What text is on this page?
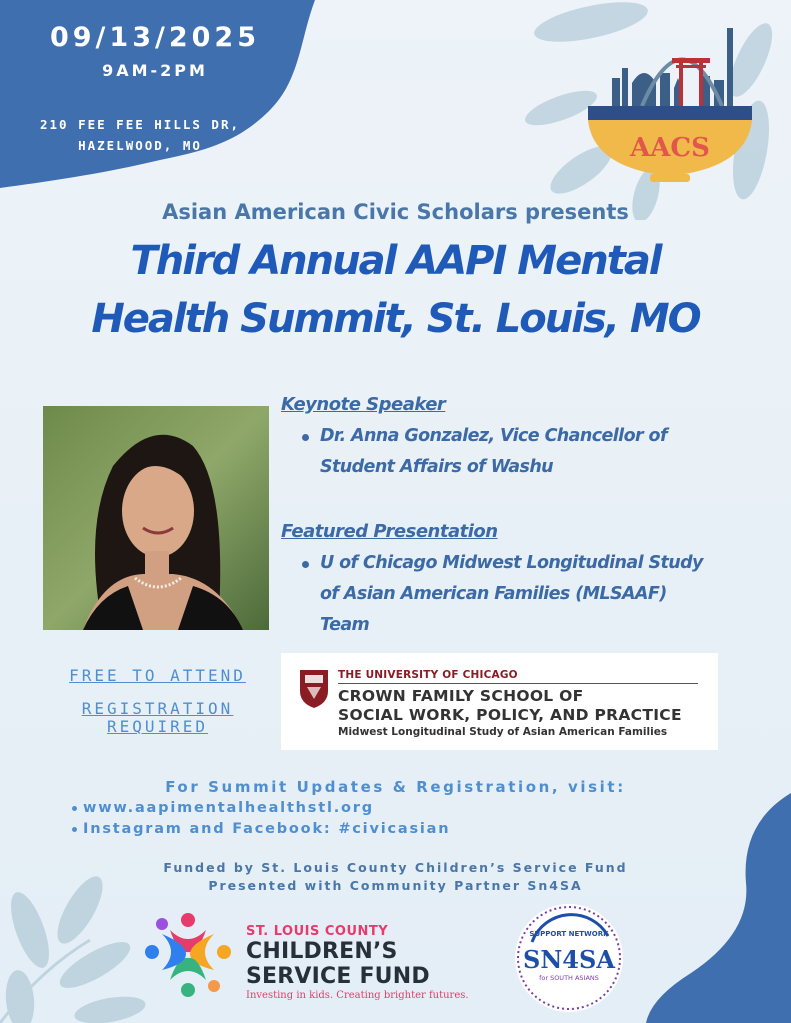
09/13/2025
9AM-2PM
210 FEE FEE HILLS DR,
HAZELWOOD, MO	AACS
Asian American Civic Scholars presents
Third Annual AAPI Mental
Health Summit, St. Louis, MO
Keynote Speaker
Dr. Anna Gonzalez, Vice Chancellor of
Student Affairs of Washu
Featured Presentation
U of Chicago Midwest Longitudinal Study
of Asian American Families (MLSAAF)
Team
FREE TO ATTEND
REGISTRATION
REQUIRED
THE UNIVERSITY OF CHICAGO
CROWN FAMILY SCHOOL OF
SOCIAL WORK, POLICY, AND PRACTICE
Midwest Longitudinal Study of Asian American Families
For Summit Updates & Registration, visit:
www.aapimentalhealthstl.org
Instagram and Facebook: #civicasian
Funded by St. Louis County Children’s Service Fund
Presented with Community Partner Sn4SA
ST. LOUIS COUNTY
CHILDREN’S
SERVICE FUND
Investing in kids. Creating brighter futures.
SUPPORT NETWORK
SN4SA
for SOUTH ASIANS
